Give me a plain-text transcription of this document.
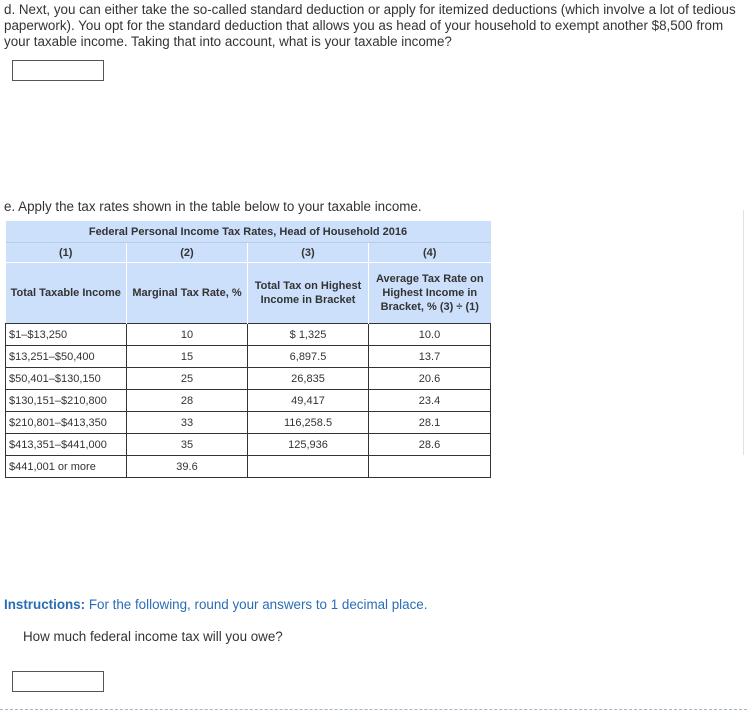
d. Next, you can either take the so-called standard deduction or apply for itemized deductions (which involve a lot of tedious paperwork). You opt for the standard deduction that allows you as head of your household to exempt another $8,500 from your taxable income. Taking that into account, what is your taxable income?
e. Apply the tax rates shown in the table below to your taxable income.
Federal Personal Income Tax Rates, Head of Household 2016			
(1)	(2)	(3)	(4)
Total Taxable Income	Marginal Tax Rate, %	Total Tax on Highest Income in Bracket	Average Tax Rate on Highest Income in Bracket, % (3) ÷ (1)
$1–$13,250	10	$ 1,325	10.0
$13,251–$50,400	15	6,897.5	13.7
$50,401–$130,150	25	26,835	20.6
$130,151–$210,800	28	49,417	23.4
$210,801–$413,350	33	116,258.5	28.1
$413,351–$441,000	35	125,936	28.6
$441,001 or more	39.6		
Instructions: For the following, round your answers to 1 decimal place.
How much federal income tax will you owe?
